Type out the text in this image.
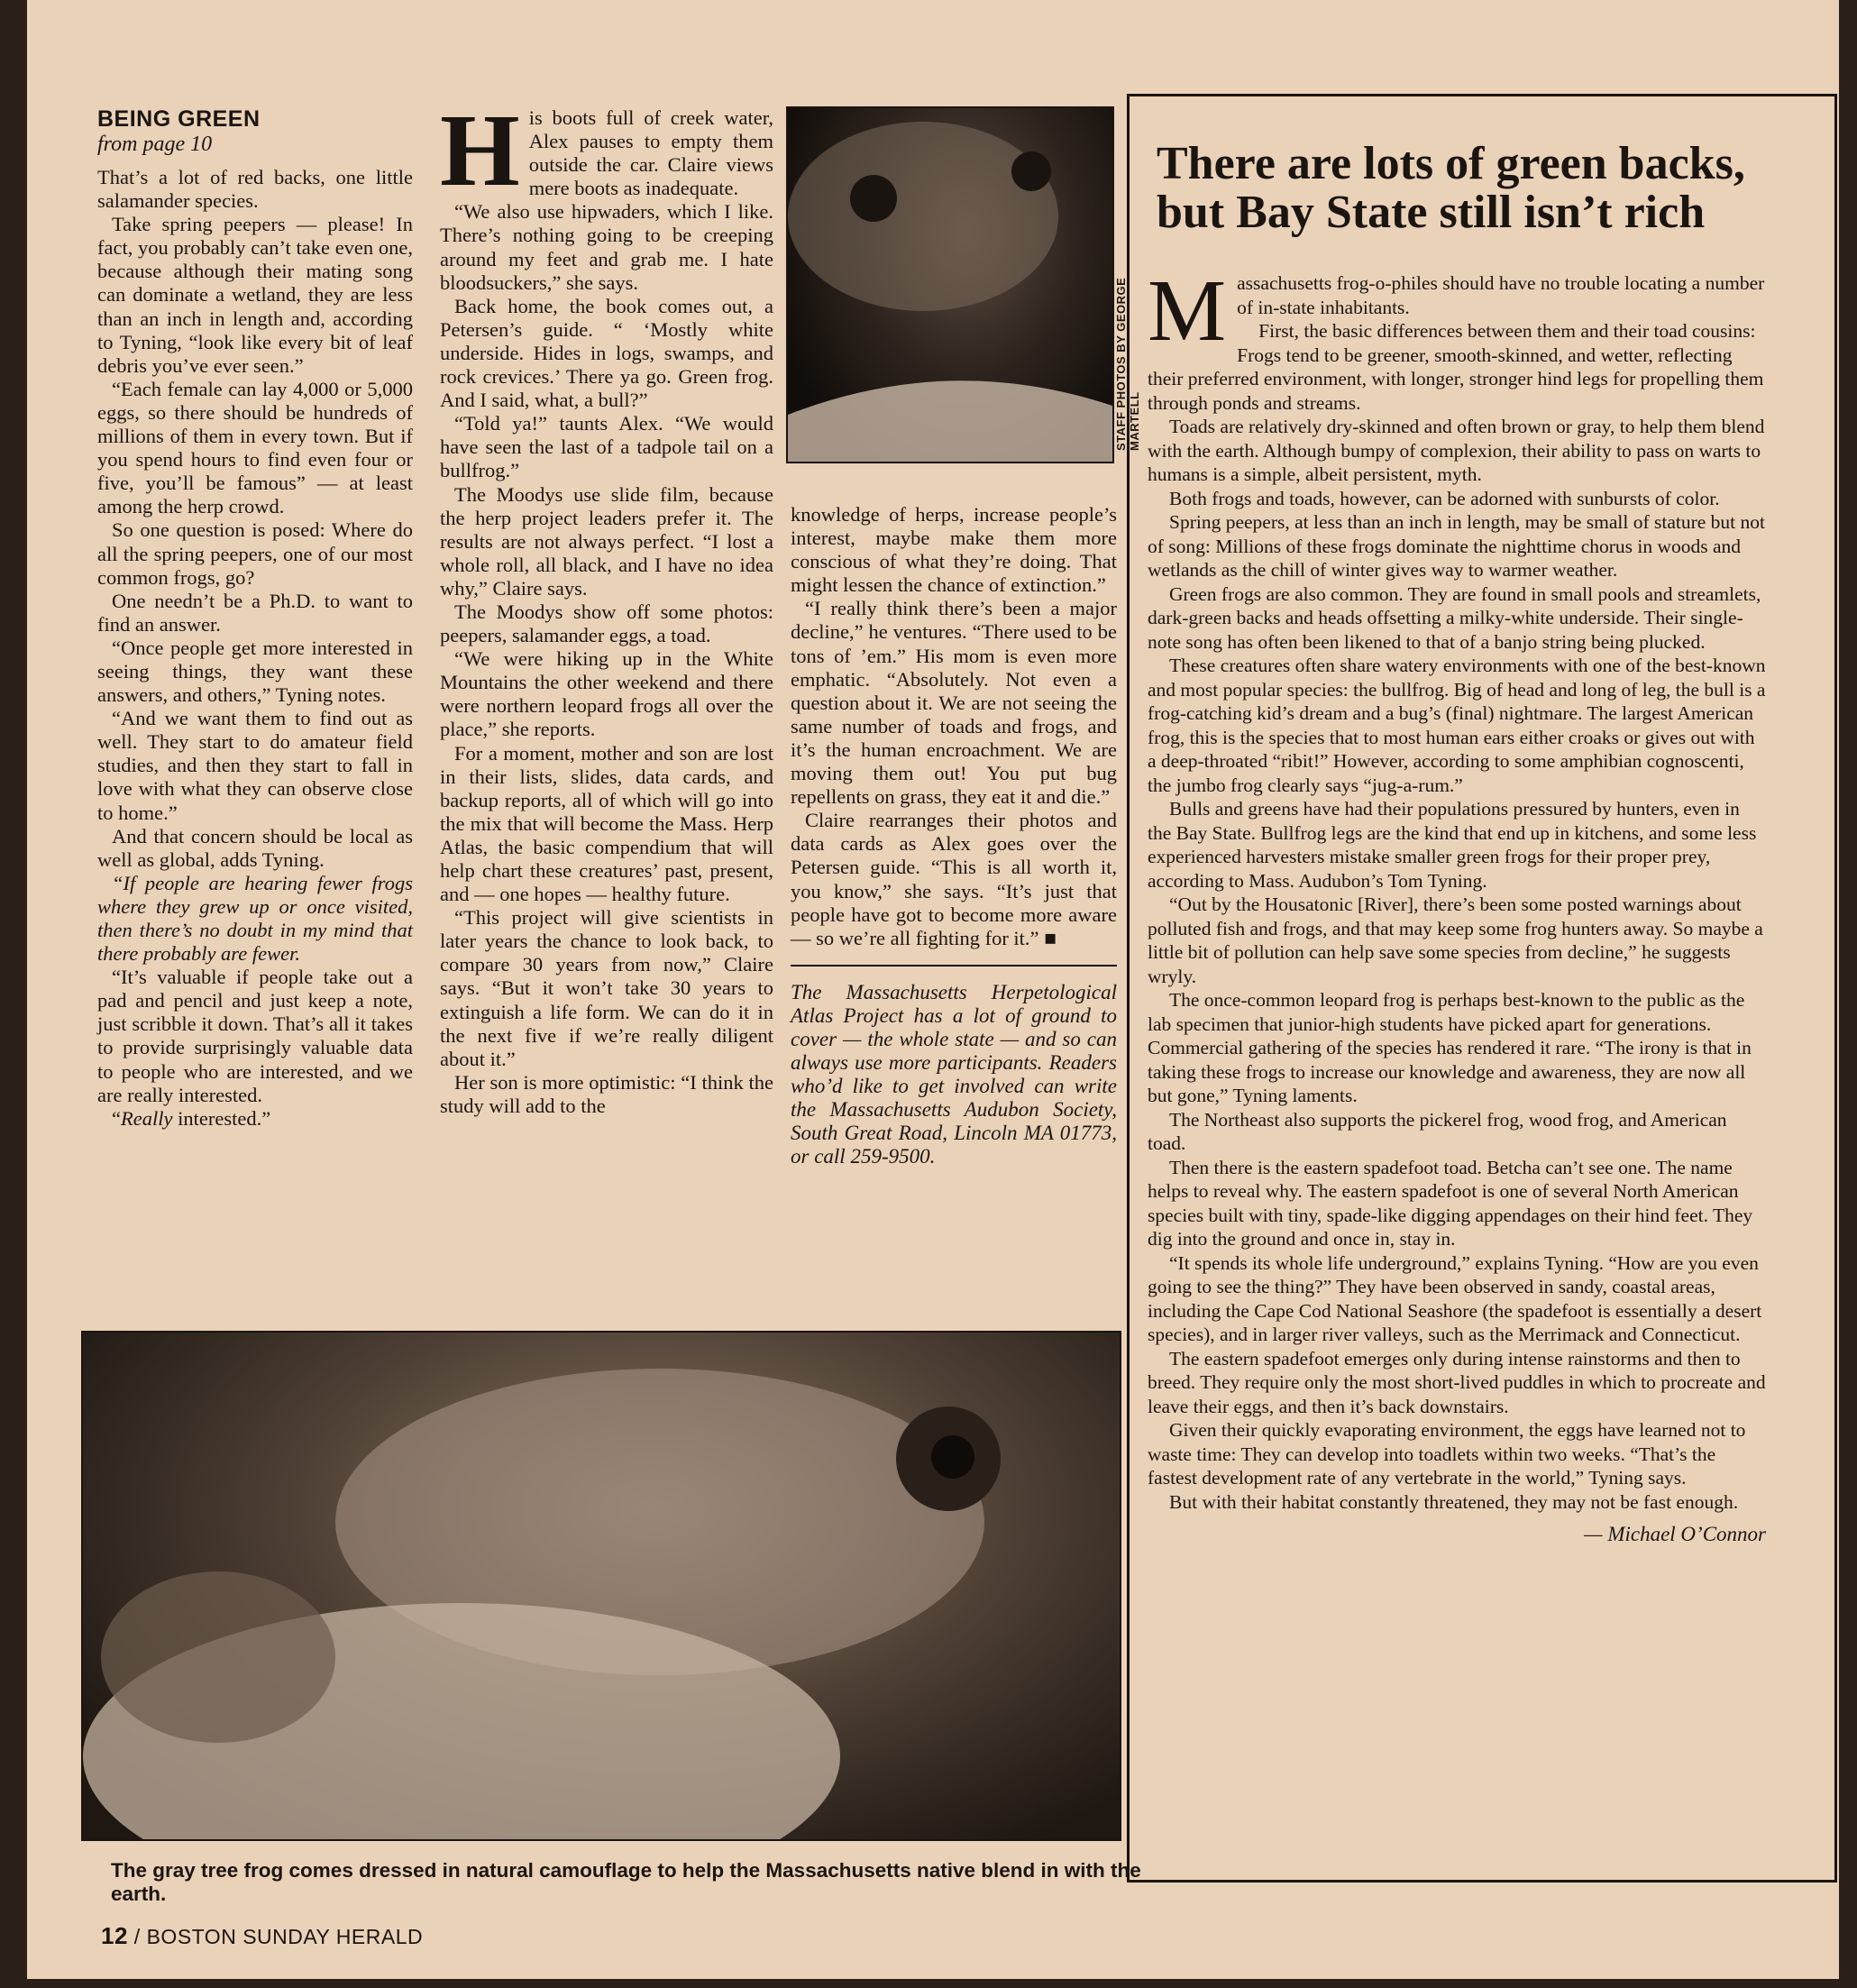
BEING GREEN
from page 10

That’s a lot of red backs, one little salamander species.

Take spring peepers — please! In fact, you probably can’t take even one, because although their mating song can dominate a wetland, they are less than an inch in length and, according to Tyning, “look like every bit of leaf debris you’ve ever seen.”

“Each female can lay 4,000 or 5,000 eggs, so there should be hundreds of millions of them in every town. But if you spend hours to find even four or five, you’ll be famous” — at least among the herp crowd.

So one question is posed: Where do all the spring peepers, one of our most common frogs, go?

One needn’t be a Ph.D. to want to find an answer.

“Once people get more interested in seeing things, they want these answers, and others,” Tyning notes.

“And we want them to find out as well. They start to do amateur field studies, and then they start to fall in love with what they can observe close to home.”

And that concern should be local as well as global, adds Tyning.

“If people are hearing fewer frogs where they grew up or once visited, then there’s no doubt in my mind that there probably are fewer.

“It’s valuable if people take out a pad and pencil and just keep a note, just scribble it down. That’s all it takes to provide surprisingly valuable data to people who are interested, and we are really interested.

“Really interested.”

His boots full of creek water, Alex pauses to empty them outside the car. Claire views mere boots as inadequate.

“We also use hipwaders, which I like. There’s nothing going to be creeping around my feet and grab me. I hate bloodsuckers,” she says.

Back home, the book comes out, a Petersen’s guide. “ ‘Mostly white underside. Hides in logs, swamps, and rock crevices.’ There ya go. Green frog. And I said, what, a bull?”

“Told ya!” taunts Alex. “We would have seen the last of a tadpole tail on a bullfrog.”

The Moodys use slide film, because the herp project leaders prefer it. The results are not always perfect. “I lost a whole roll, all black, and I have no idea why,” Claire says.

The Moodys show off some photos: peepers, salamander eggs, a toad.

“We were hiking up in the White Mountains the other weekend and there were northern leopard frogs all over the place,” she reports.

For a moment, mother and son are lost in their lists, slides, data cards, and backup reports, all of which will go into the mix that will become the Mass. Herp Atlas, the basic compendium that will help chart these creatures’ past, present, and — one hopes — healthy future.

“This project will give scientists in later years the chance to look back, to compare 30 years from now,” Claire says. “But it won’t take 30 years to extinguish a life form. We can do it in the next five if we’re really diligent about it.”

Her son is more optimistic: “I think the study will add to the

STAFF PHOTOS BY GEORGE MARTELL

knowledge of herps, increase people’s interest, maybe make them more conscious of what they’re doing. That might lessen the chance of extinction.”

“I really think there’s been a major decline,” he ventures. “There used to be tons of ’em.” His mom is even more emphatic. “Absolutely. Not even a question about it. We are not seeing the same number of toads and frogs, and it’s the human encroachment. We are moving them out! You put bug repellents on grass, they eat it and die.”

Claire rearranges their photos and data cards as Alex goes over the Petersen guide. “This is all worth it, you know,” she says. “It’s just that people have got to become more aware — so we’re all fighting for it.” ■

The Massachusetts Herpetological Atlas Project has a lot of ground to cover — the whole state — and so can always use more participants. Readers who’d like to get involved can write the Massachusetts Audubon Society, South Great Road, Lincoln MA 01773, or call 259-9500.
The gray tree frog comes dressed in natural camouflage to help the Massachusetts native blend in with the earth.
12 / BOSTON SUNDAY HERALD
There are lots of green backs, but Bay State still isn’t rich

Massachusetts frog-o-philes should have no trouble locating a number of in-state inhabitants.

First, the basic differences between them and their toad cousins: Frogs tend to be greener, smooth-skinned, and wetter, reflecting their preferred environment, with longer, stronger hind legs for propelling them through ponds and streams.

Toads are relatively dry-skinned and often brown or gray, to help them blend with the earth. Although bumpy of complexion, their ability to pass on warts to humans is a simple, albeit persistent, myth.

Both frogs and toads, however, can be adorned with sunbursts of color.

Spring peepers, at less than an inch in length, may be small of stature but not of song: Millions of these frogs dominate the nighttime chorus in woods and wetlands as the chill of winter gives way to warmer weather.

Green frogs are also common. They are found in small pools and streamlets, dark-green backs and heads offsetting a milky-white underside. Their single-note song has often been likened to that of a banjo string being plucked.

These creatures often share watery environments with one of the best-known and most popular species: the bullfrog. Big of head and long of leg, the bull is a frog-catching kid’s dream and a bug’s (final) nightmare. The largest American frog, this is the species that to most human ears either croaks or gives out with a deep-throated “ribit!” However, according to some amphibian cognoscenti, the jumbo frog clearly says “jug-a-rum.”

Bulls and greens have had their populations pressured by hunters, even in the Bay State. Bullfrog legs are the kind that end up in kitchens, and some less experienced harvesters mistake smaller green frogs for their proper prey, according to Mass. Audubon’s Tom Tyning.

“Out by the Housatonic [River], there’s been some posted warnings about polluted fish and frogs, and that may keep some frog hunters away. So maybe a little bit of pollution can help save some species from decline,” he suggests wryly.

The once-common leopard frog is perhaps best-known to the public as the lab specimen that junior-high students have picked apart for generations. Commercial gathering of the species has rendered it rare. “The irony is that in taking these frogs to increase our knowledge and awareness, they are now all but gone,” Tyning laments.

The Northeast also supports the pickerel frog, wood frog, and American toad.

Then there is the eastern spadefoot toad. Betcha can’t see one. The name helps to reveal why. The eastern spadefoot is one of several North American species built with tiny, spade-like digging appendages on their hind feet. They dig into the ground and once in, stay in.

“It spends its whole life underground,” explains Tyning. “How are you even going to see the thing?” They have been observed in sandy, coastal areas, including the Cape Cod National Seashore (the spadefoot is essentially a desert species), and in larger river valleys, such as the Merrimack and Connecticut.

The eastern spadefoot emerges only during intense rainstorms and then to breed. They require only the most short-lived puddles in which to procreate and leave their eggs, and then it’s back downstairs.

Given their quickly evaporating environment, the eggs have learned not to waste time: They can develop into toadlets within two weeks. “That’s the fastest development rate of any vertebrate in the world,” Tyning says.

But with their habitat constantly threatened, they may not be fast enough.

— Michael O’Connor
